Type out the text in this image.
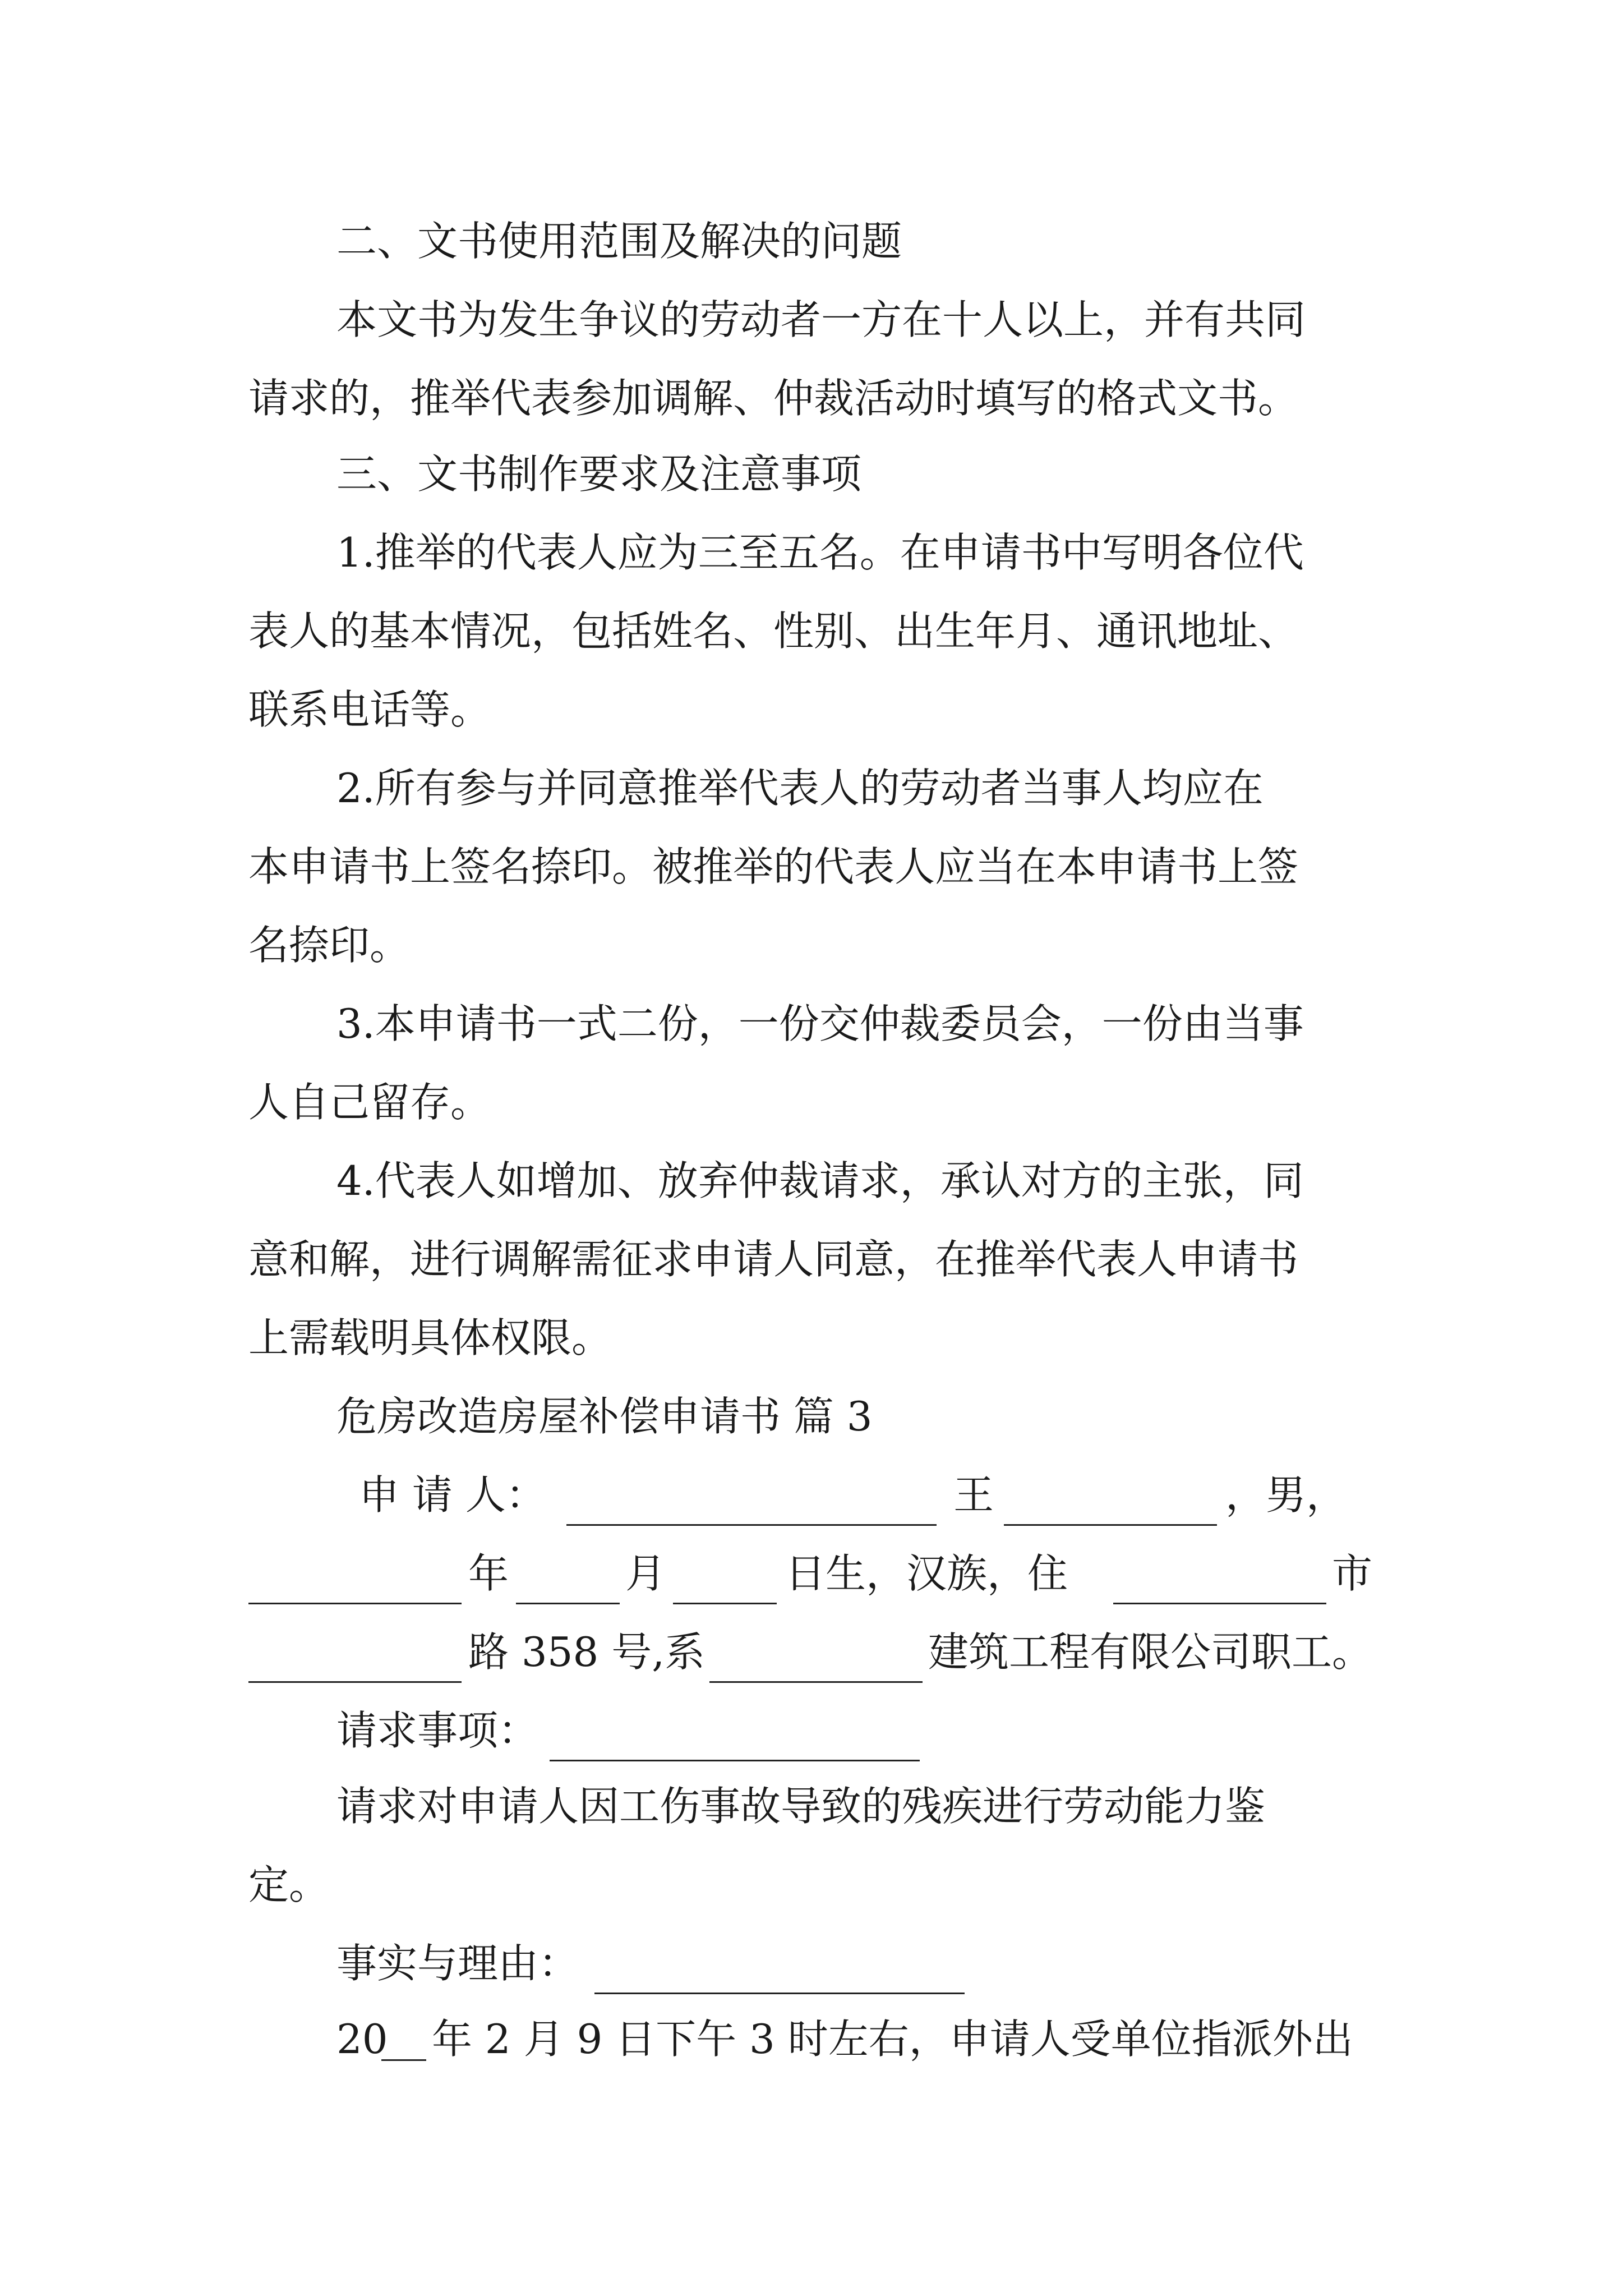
二、文书使用范围及解决的问题
本文书为发生争议的劳动者一方在十人以上，并有共同
请求的，推举代表参加调解、仲裁活动时填写的格式文书。
三、文书制作要求及注意事项
1.推举的代表人应为三至五名。在申请书中写明各位代
表人的基本情况，包括姓名、性别、出生年月、通讯地址、
联系电话等。
2.所有参与并同意推举代表人的劳动者当事人均应在
本申请书上签名捺印。被推举的代表人应当在本申请书上签
名捺印。
3.本申请书一式二份，一份交仲裁委员会，一份由当事
人自己留存。
4.代表人如增加、放弃仲裁请求，承认对方的主张，同
意和解，进行调解需征求申请人同意，在推举代表人申请书
上需载明具体权限。
危房改造房屋补偿申请书 篇 3
申 请 人：	王	，男，
年	月	日生，汉族，住	市
路 358 号,系	建筑工程有限公司职工。
请求事项：
请求对申请人因工伤事故导致的残疾进行劳动能力鉴
定。
事实与理由：
20 年 2 月 9 日下午 3 时左右，申请人受单位指派外出
